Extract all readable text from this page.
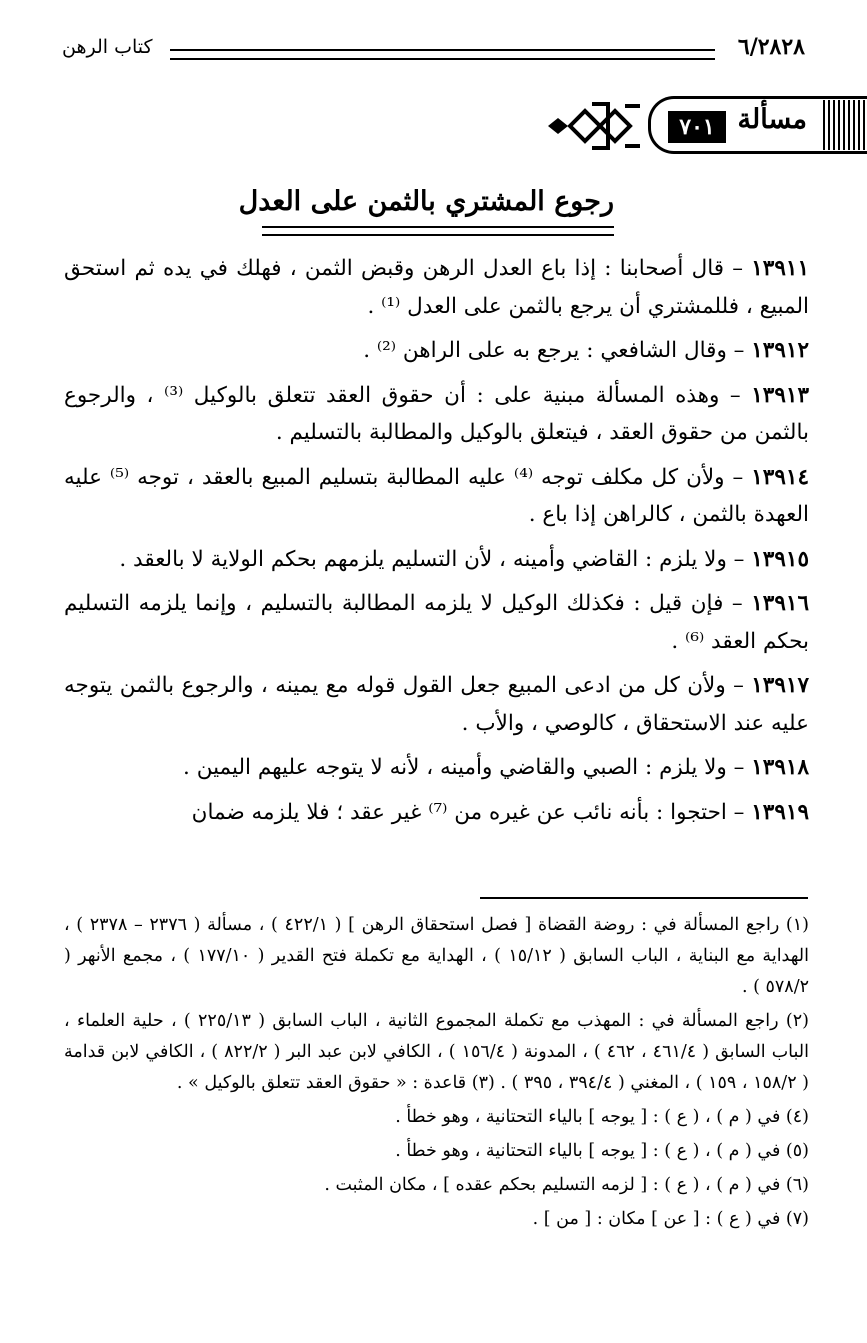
٦/٢٨٢٨
كتاب الرهن
مسألة
٧٠١
رجوع المشتري بالثمن على العدل

١٣٩١١ – قال أصحابنا : إذا باع العدل الرهن وقبض الثمن ، فهلك في يده ثم استحق المبيع ، فللمشتري أن يرجع بالثمن على العدل ⁽¹⁾ .

١٣٩١٢ – وقال الشافعي : يرجع به على الراهن ⁽²⁾ .

١٣٩١٣ – وهذه المسألة مبنية على : أن حقوق العقد تتعلق بالوكيل ⁽³⁾ ، والرجوع بالثمن من حقوق العقد ، فيتعلق بالوكيل والمطالبة بالتسليم .

١٣٩١٤ – ولأن كل مكلف توجه ⁽⁴⁾ عليه المطالبة بتسليم المبيع بالعقد ، توجه ⁽⁵⁾ عليه العهدة بالثمن ، كالراهن إذا باع .

١٣٩١٥ – ولا يلزم : القاضي وأمينه ، لأن التسليم يلزمهم بحكم الولاية لا بالعقد .

١٣٩١٦ – فإن قيل : فكذلك الوكيل لا يلزمه المطالبة بالتسليم ، وإنما يلزمه التسليم بحكم العقد ⁽⁶⁾ .

١٣٩١٧ – ولأن كل من ادعى المبيع جعل القول قوله مع يمينه ، والرجوع بالثمن يتوجه عليه عند الاستحقاق ، كالوصي ، والأب .

١٣٩١٨ – ولا يلزم : الصبي والقاضي وأمينه ، لأنه لا يتوجه عليهم اليمين .

١٣٩١٩ – احتجوا : بأنه نائب عن غيره من ⁽⁷⁾ غير عقد ؛ فلا يلزمه ضمان

(١) راجع المسألة في : روضة القضاة [ فصل استحقاق الرهن ] ( ٤٢٢/١ ) ، مسألة ( ٢٣٧٦ – ٢٣٧٨ ) ، الهداية مع البناية ، الباب السابق ( ١٥/١٢ ) ، الهداية مع تكملة فتح القدير ( ١٧٧/١٠ ) ، مجمع الأنهر ( ٥٧٨/٢ ) .

(٢) راجع المسألة في : المهذب مع تكملة المجموع الثانية ، الباب السابق ( ٢٢٥/١٣ ) ، حلية العلماء ، الباب السابق ( ٤٦١/٤ ، ٤٦٢ ) ، المدونة ( ١٥٦/٤ ) ، الكافي لابن عبد البر ( ٨٢٢/٢ ) ، الكافي لابن قدامة ( ١٥٨/٢ ، ١٥٩ ) ، المغني ( ٣٩٤/٤ ، ٣٩٥ ) . (٣) قاعدة : « حقوق العقد تتعلق بالوكيل » .

(٤) في ( م ) ، ( ع ) : [ يوجه ] بالياء التحتانية ، وهو خطأ .

(٥) في ( م ) ، ( ع ) : [ يوجه ] بالياء التحتانية ، وهو خطأ .

(٦) في ( م ) ، ( ع ) : [ لزمه التسليم بحكم عقده ] ، مكان المثبت .

(٧) في ( ع ) : [ عن ] مكان : [ من ] .
